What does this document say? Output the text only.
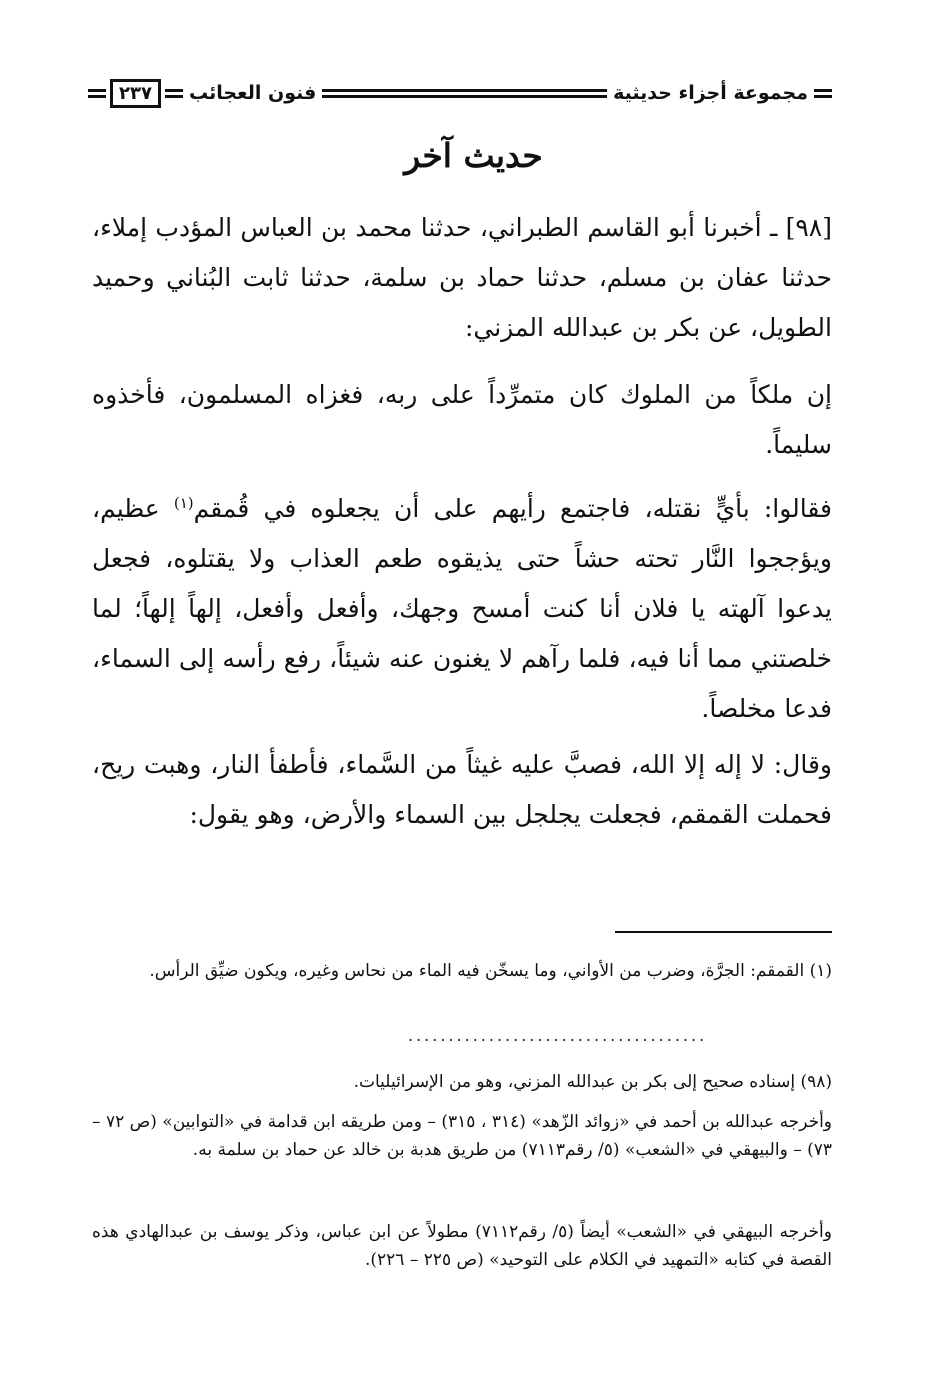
مجموعة أجزاء حديثية
فنون العجائب
٢٣٧
حديث آخر

[٩٨] ـ أخبرنا أبو القاسم الطبراني، حدثنا محمد بن العباس المؤدب إملاء، حدثنا عفان بن مسلم، حدثنا حماد بن سلمة، حدثنا ثابت البُناني وحميد الطويل، عن بكر بن عبدالله المزني:

إن ملكاً من الملوك كان متمرِّداً على ربه، فغزاه المسلمون، فأخذوه سليماً.

فقالوا: بأيٍّ نقتله، فاجتمع رأيهم على أن يجعلوه في قُمقم$^{(١)}$ عظيم، ويؤججوا النَّار تحته حشاً حتى يذيقوه طعم العذاب ولا يقتلوه، فجعل يدعوا آلهته يا فلان أنا كنت أمسح وجهك، وأفعل وأفعل، إلهاً إلهاً؛ لما خلصتني مما أنا فيه، فلما رآهم لا يغنون عنه شيئاً، رفع رأسه إلى السماء، فدعا مخلصاً.

وقال: لا إله إلا الله، فصبَّ عليه غيثاً من السَّماء، فأطفأ النار، وهبت ريح، فحملت القمقم، فجعلت يجلجل بين السماء والأرض، وهو يقول:

(١) القمقم: الجرَّة، وضرب من الأواني، وما يسخّن فيه الماء من نحاس وغيره، ويكون ضيِّق الرأس.

.....................................

(٩٨) إسناده صحيح إلى بكر بن عبدالله المزني، وهو من الإسرائيليات.

وأخرجه عبدالله بن أحمد في «زوائد الزّهد» (٣١٤ ، ٣١٥) – ومن طريقه ابن قدامة في «التوابين» (ص ٧٢ – ٧٣) – والبيهقي في «الشعب» (٥/ رقم٧١١٣) من طريق هدبة بن خالد عن حماد بن سلمة به.

وأخرجه البيهقي في «الشعب» أيضاً (٥/ رقم٧١١٢) مطولاً عن ابن عباس، وذكر يوسف بن عبدالهادي هذه القصة في كتابه «التمهيد في الكلام على التوحيد» (ص ٢٢٥ – ٢٢٦).
